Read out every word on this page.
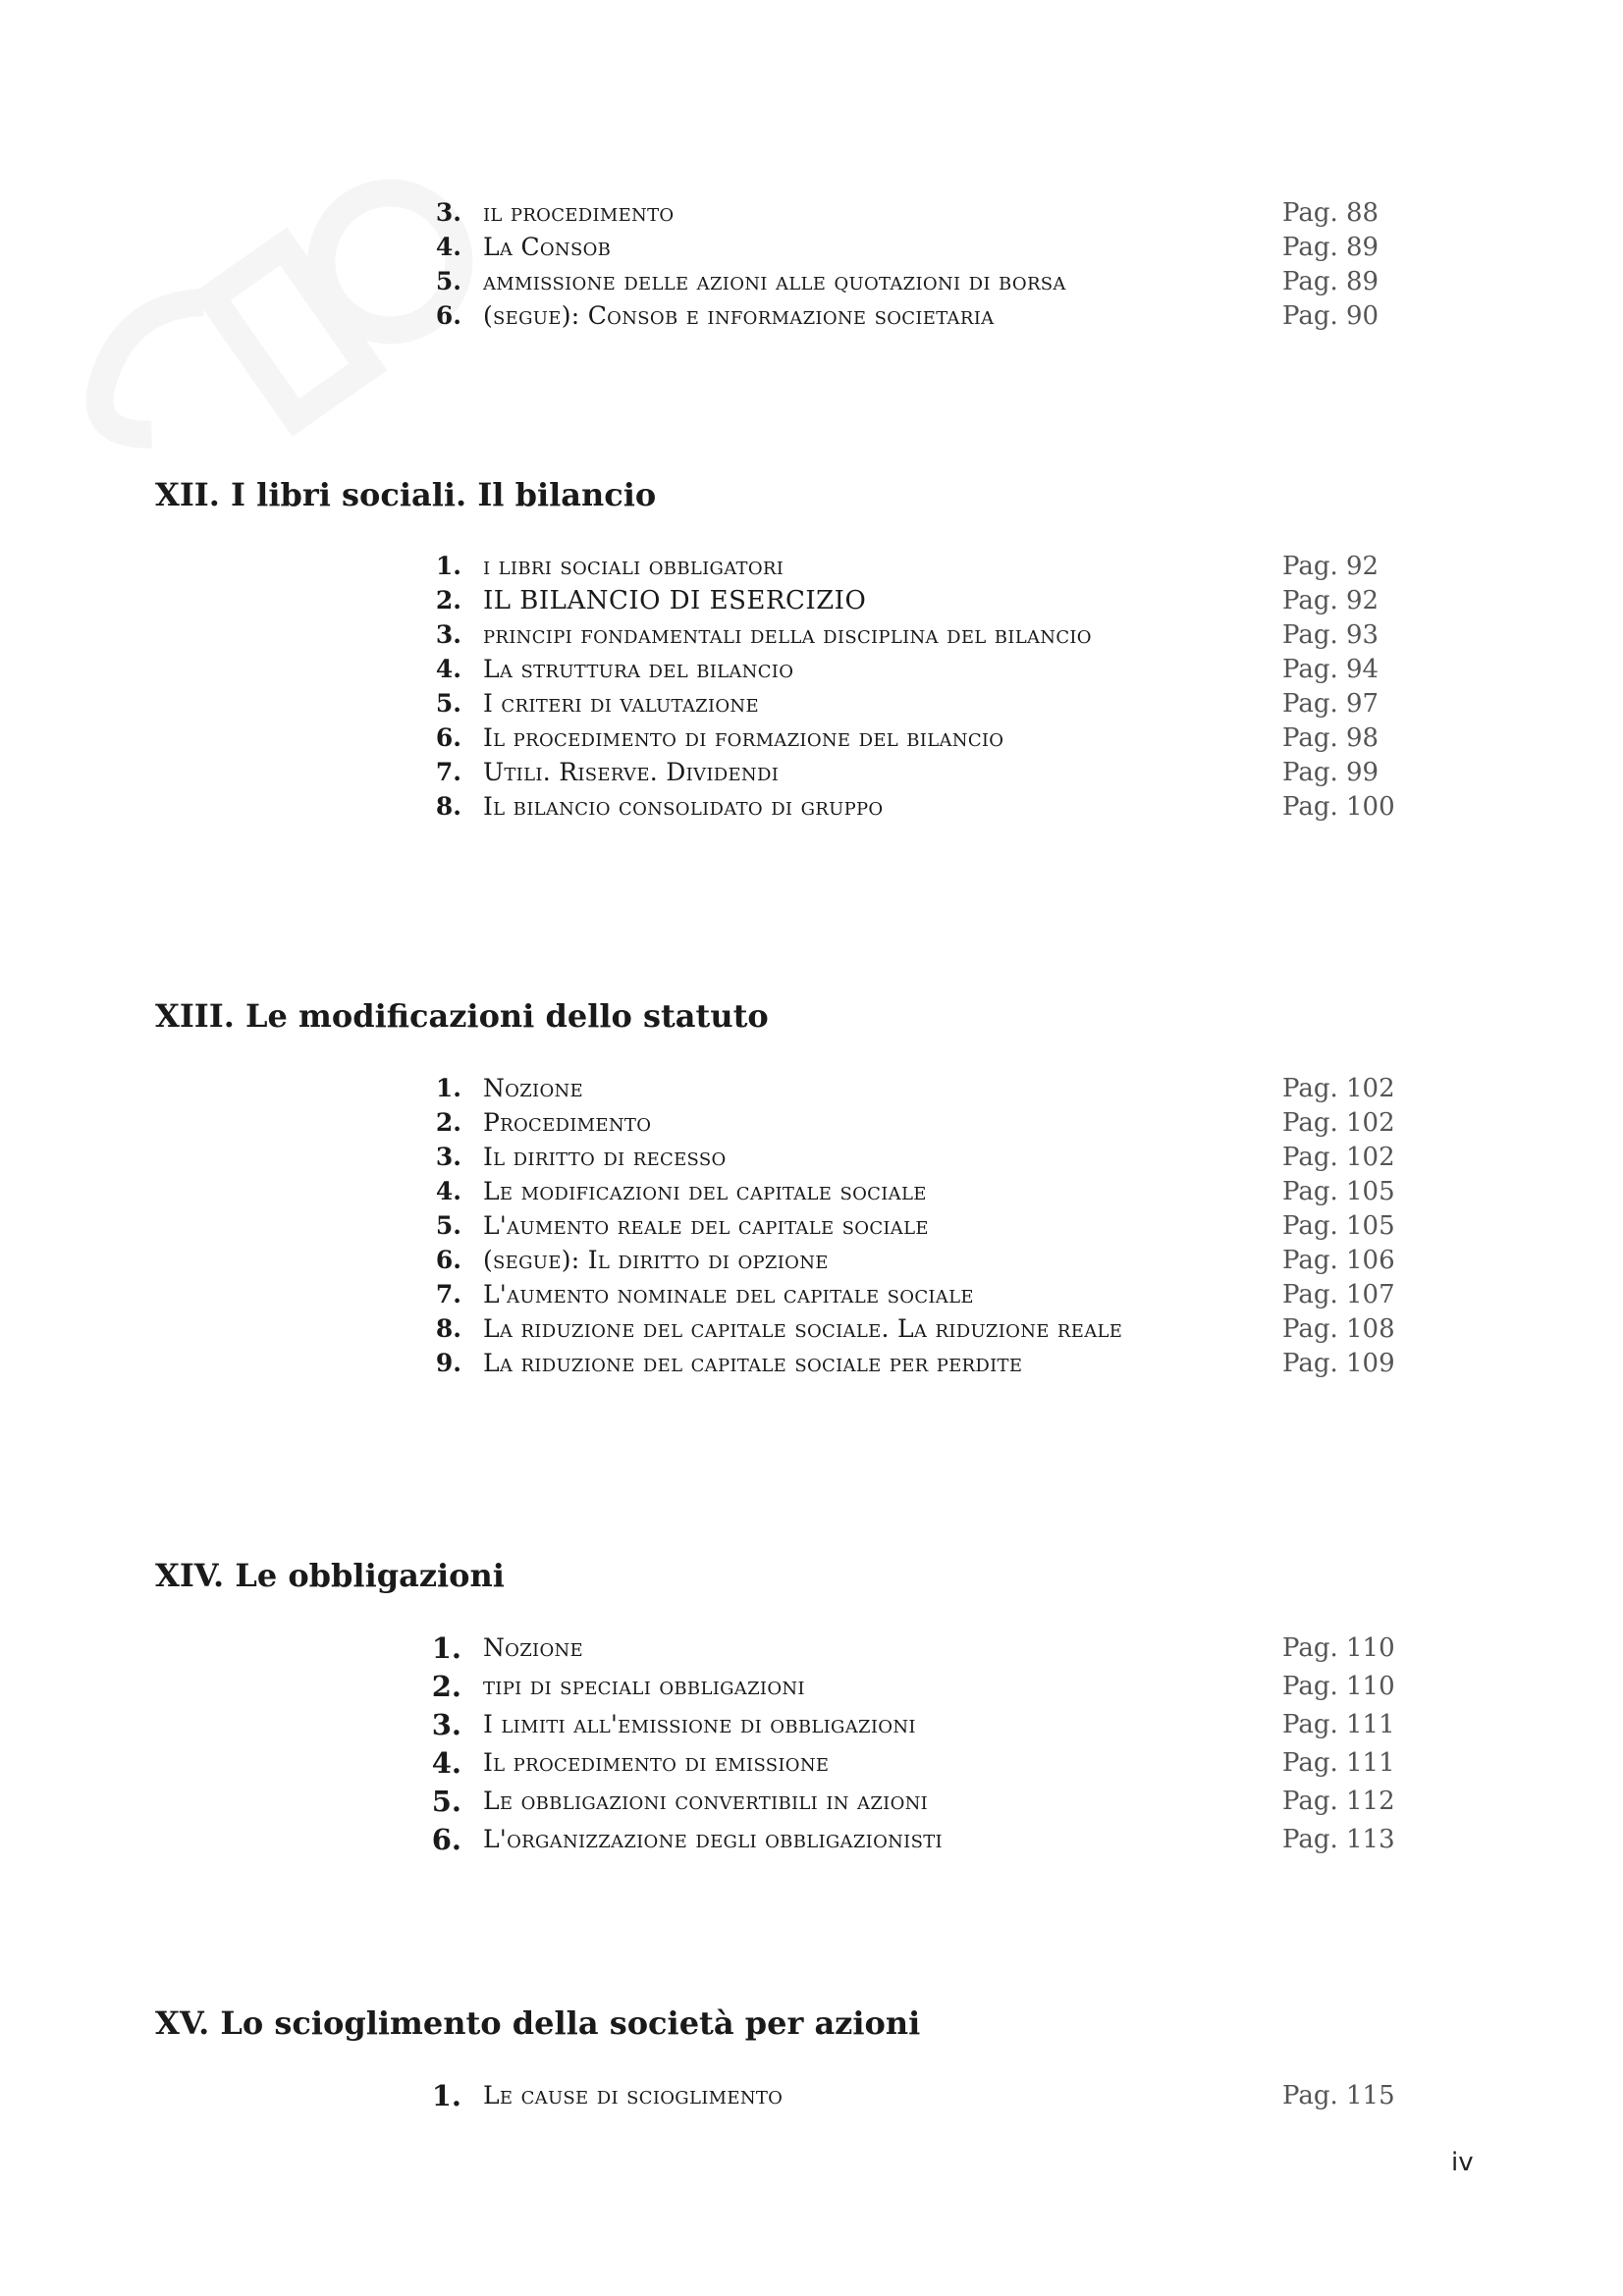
3. il procedimento	Pag. 88
4. La Consob	Pag. 89
5. ammissione delle azioni alle quotazioni di borsa	Pag. 89
6. (segue): Consob e informazione societaria	Pag. 90
XII. I libri sociali. Il bilancio
1. i libri sociali obbligatori	Pag. 92
2. IL BILANCIO DI ESERCIZIO	Pag. 92
3. principi fondamentali della disciplina del bilancio	Pag. 93
4. La struttura del bilancio	Pag. 94
5. I criteri di valutazione	Pag. 97
6. Il procedimento di formazione del bilancio	Pag. 98
7. Utili. Riserve. Dividendi	Pag. 99
8. Il bilancio consolidato di gruppo	Pag. 100
XIII. Le modificazioni dello statuto
1. Nozione	Pag. 102
2. Procedimento	Pag. 102
3. Il diritto di recesso	Pag. 102
4. Le modificazioni del capitale sociale	Pag. 105
5. L'aumento reale del capitale sociale	Pag. 105
6. (segue): Il diritto di opzione	Pag. 106
7. L'aumento nominale del capitale sociale	Pag. 107
8. La riduzione del capitale sociale. La riduzione reale	Pag. 108
9. La riduzione del capitale sociale per perdite	Pag. 109
XIV. Le obbligazioni
1. Nozione	Pag. 110
2. tipi di speciali obbligazioni	Pag. 110
3. I limiti all'emissione di obbligazioni	Pag. 111
4. Il procedimento di emissione	Pag. 111
5. Le obbligazioni convertibili in azioni	Pag. 112
6. L'organizzazione degli obbligazionisti	Pag. 113
XV. Lo scioglimento della società per azioni
1. Le cause di scioglimento	Pag. 115
iv
